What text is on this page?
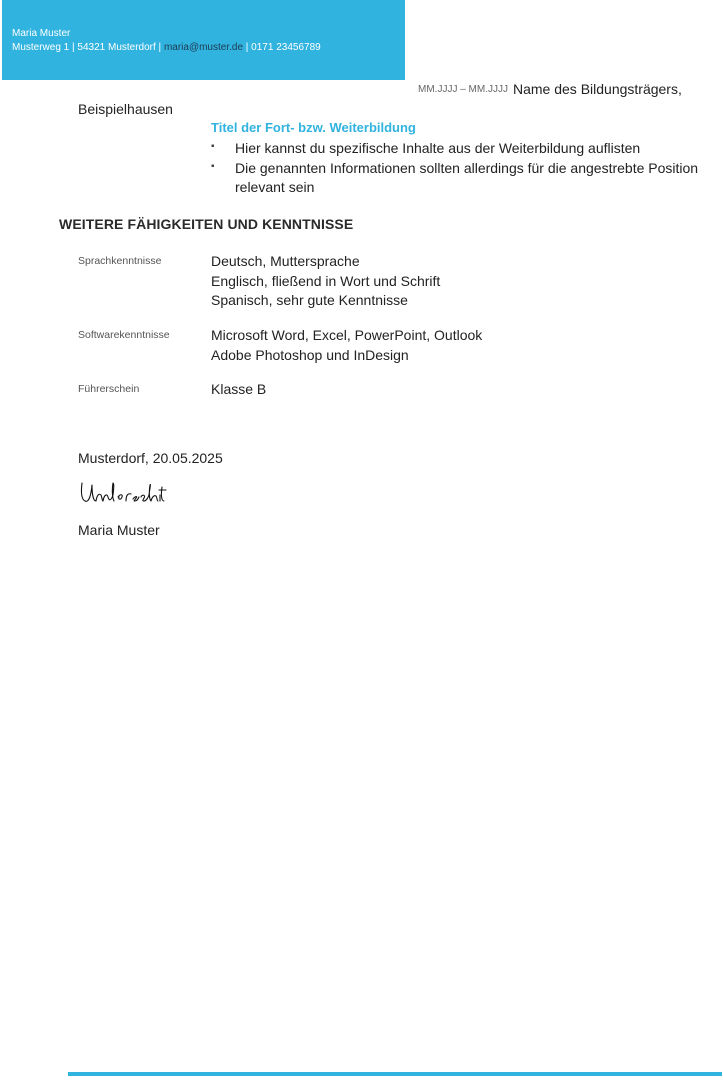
Maria Muster
Musterweg 1 | 54321 Musterdorf | maria@muster.de | 0171 23456789
MM.JJJJ – MM.JJJJ Name des Bildungsträgers,
Beispielhausen
Titel der Fort- bzw. Weiterbildung
▪ Hier kannst du spezifische Inhalte aus der Weiterbildung auflisten
▪ Die genannten Informationen sollten allerdings für die angestrebte Position relevant sein
WEITERE FÄHIGKEITEN UND KENNTNISSE
Sprachkenntnisse	Deutsch, Muttersprache
Englisch, fließend in Wort und Schrift
Spanisch, sehr gute Kenntnisse
Softwarekenntnisse	Microsoft Word, Excel, PowerPoint, Outlook
Adobe Photoshop und InDesign
Führerschein	Klasse B
Musterdorf, 20.05.2025
Maria Muster
